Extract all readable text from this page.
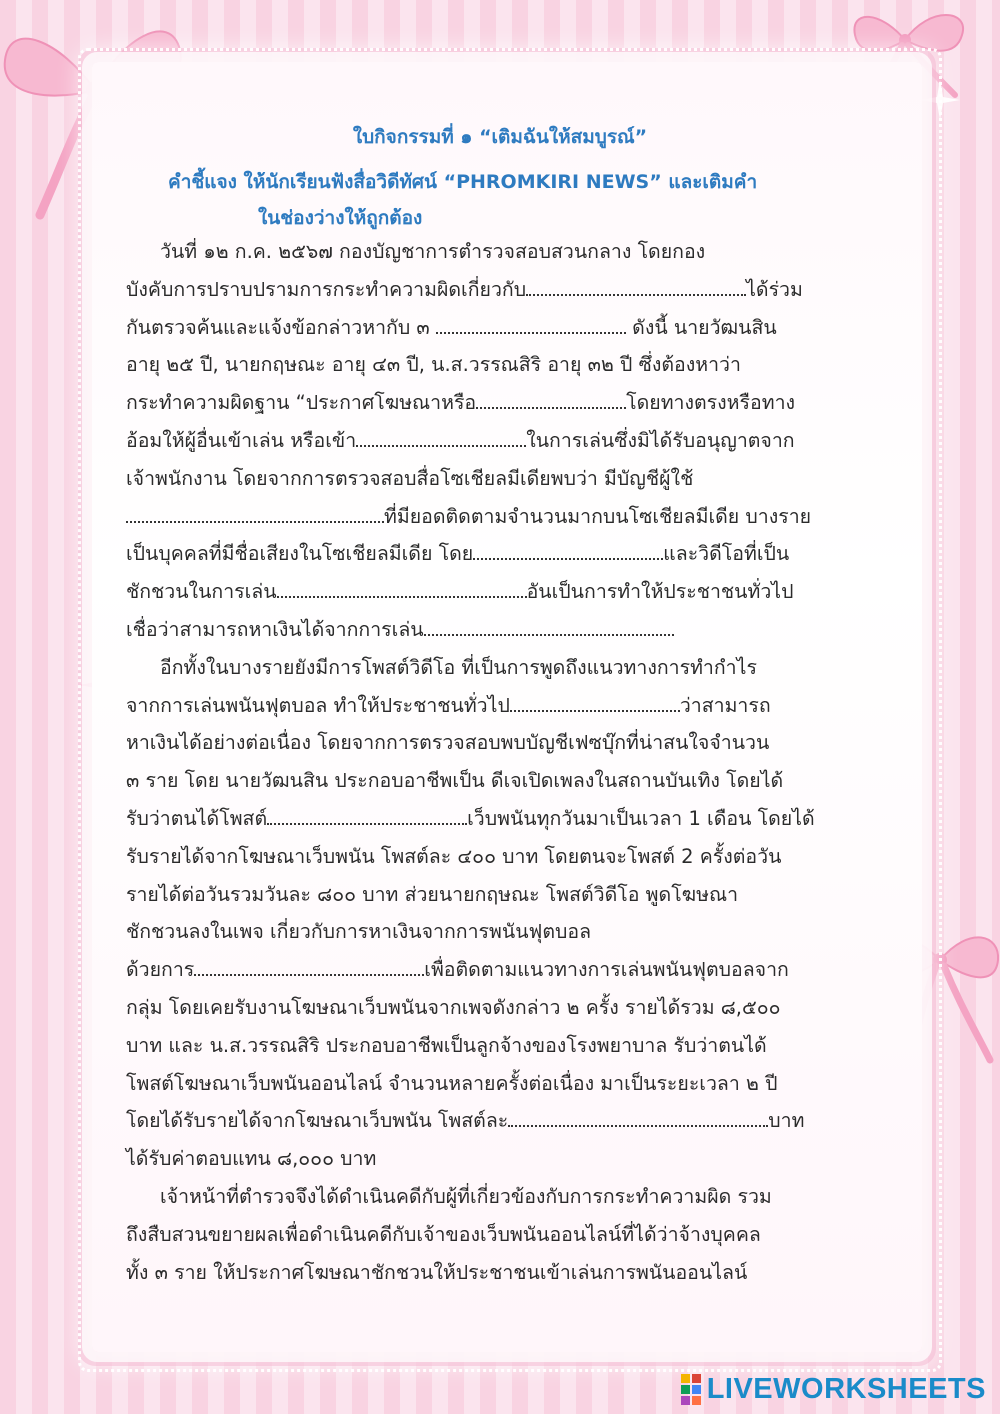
ใบกิจกรรมที่ ๑ “เติมฉันให้สมบูรณ์”
คำชี้แจง ให้นักเรียนฟังสื่อวิดีทัศน์ “PHROMKIRI NEWS” และเติมคำ
ในช่องว่างให้ถูกต้อง
วันที่ ๑๒ ก.ค. ๒๕๖๗ กองบัญชาการตำรวจสอบสวนกลาง โดยกอง
บังคับการปราบปรามการกระทำความผิดเกี่ยวกับ	ได้ร่วม
กันตรวจค้นและแจ้งข้อกล่าวหากับ ๓	ดังนี้ นายวัฒนสิน
อายุ ๒๕ ปี, นายกฤษณะ อายุ ๔๓ ปี, น.ส.วรรณสิริ อายุ ๓๒ ปี ซึ่งต้องหาว่า
กระทำความผิดฐาน “ประกาศโฆษณาหรือ	โดยทางตรงหรือทาง
อ้อมให้ผู้อื่นเข้าเล่น หรือเข้า	ในการเล่นซึ่งมิได้รับอนุญาตจาก
เจ้าพนักงาน โดยจากการตรวจสอบสื่อโซเชียลมีเดียพบว่า มีบัญชีผู้ใช้
ที่มียอดติดตามจำนวนมากบนโซเชียลมีเดีย บางราย
เป็นบุคคลที่มีชื่อเสียงในโซเชียลมีเดีย โดย	และวิดีโอที่เป็น
ชักชวนในการเล่น	อันเป็นการทำให้ประชาชนทั่วไป
เชื่อว่าสามารถหาเงินได้จากการเล่น
อีกทั้งในบางรายยังมีการโพสต์วิดีโอ ที่เป็นการพูดถึงแนวทางการทำกำไร
จากการเล่นพนันฟุตบอล ทำให้ประชาชนทั่วไป	ว่าสามารถ
หาเงินได้อย่างต่อเนื่อง โดยจากการตรวจสอบพบบัญชีเฟซบุ๊กที่น่าสนใจจำนวน
๓ ราย โดย นายวัฒนสิน ประกอบอาชีพเป็น ดีเจเปิดเพลงในสถานบันเทิง โดยได้
รับว่าตนได้โพสต์	เว็บพนันทุกวันมาเป็นเวลา 1 เดือน โดยได้
รับรายได้จากโฆษณาเว็บพนัน โพสต์ละ ๔๐๐ บาท โดยตนจะโพสต์ 2 ครั้งต่อวัน
รายได้ต่อวันรวมวันละ ๘๐๐ บาท ส่วยนายกฤษณะ โพสต์วิดีโอ พูดโฆษณา
ชักชวนลงในเพจ เกี่ยวกับการหาเงินจากการพนันฟุตบอล
ด้วยการ	เพื่อติดตามแนวทางการเล่นพนันฟุตบอลจาก
กลุ่ม โดยเคยรับงานโฆษณาเว็บพนันจากเพจดังกล่าว ๒ ครั้ง รายได้รวม ๘,๕๐๐
บาท และ น.ส.วรรณสิริ ประกอบอาชีพเป็นลูกจ้างของโรงพยาบาล รับว่าตนได้
โพสต์โฆษณาเว็บพนันออนไลน์ จำนวนหลายครั้งต่อเนื่อง มาเป็นระยะเวลา ๒ ปี
โดยได้รับรายได้จากโฆษณาเว็บพนัน โพสต์ละ	บาท
ได้รับค่าตอบแทน ๘,๐๐๐ บาท
เจ้าหน้าที่ตำรวจจึงได้ดำเนินคดีกับผู้ที่เกี่ยวข้องกับการกระทำความผิด รวม
ถึงสืบสวนขยายผลเพื่อดำเนินคดีกับเจ้าของเว็บพนันออนไลน์ที่ได้ว่าจ้างบุคคล
ทั้ง ๓ ราย ให้ประกาศโฆษณาชักชวนให้ประชาชนเข้าเล่นการพนันออนไลน์
LIVEWORKSHEETS
